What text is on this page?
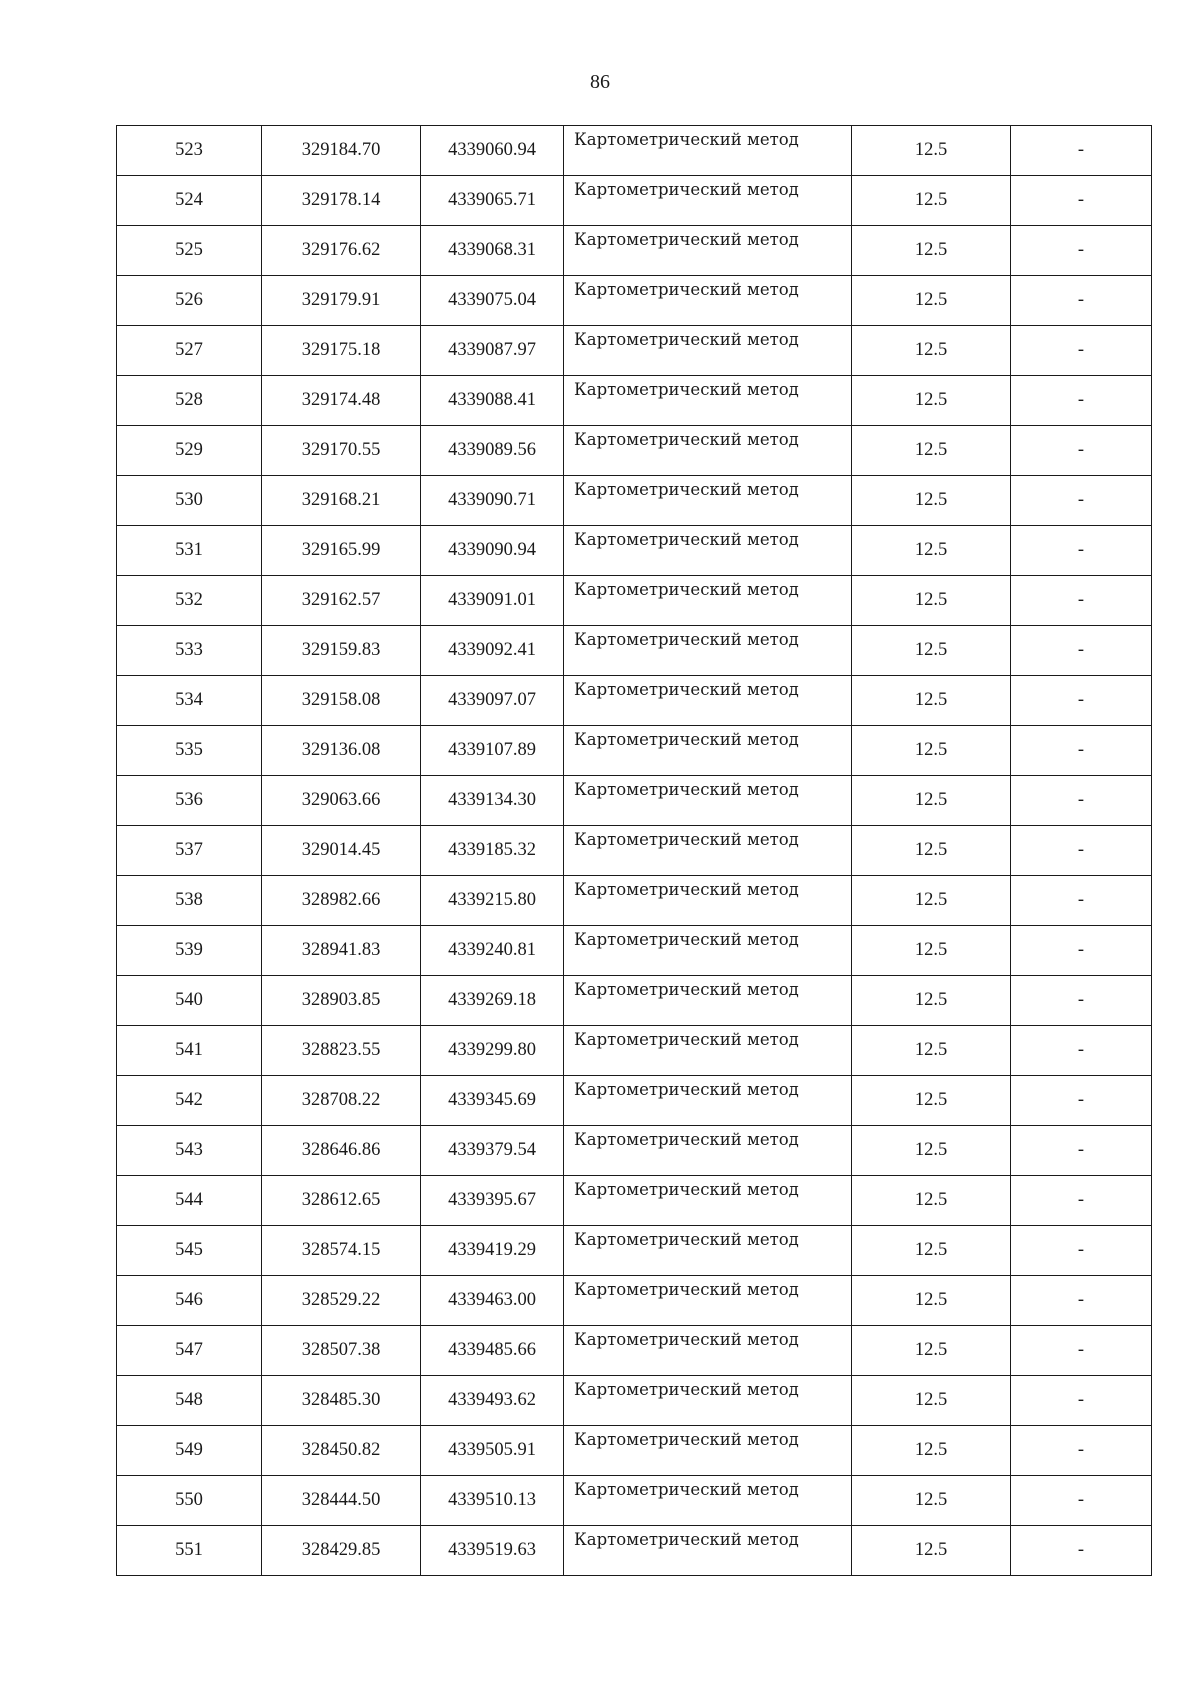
86
523	329184.70	4339060.94	Картометрический метод	12.5	-
524	329178.14	4339065.71	Картометрический метод	12.5	-
525	329176.62	4339068.31	Картометрический метод	12.5	-
526	329179.91	4339075.04	Картометрический метод	12.5	-
527	329175.18	4339087.97	Картометрический метод	12.5	-
528	329174.48	4339088.41	Картометрический метод	12.5	-
529	329170.55	4339089.56	Картометрический метод	12.5	-
530	329168.21	4339090.71	Картометрический метод	12.5	-
531	329165.99	4339090.94	Картометрический метод	12.5	-
532	329162.57	4339091.01	Картометрический метод	12.5	-
533	329159.83	4339092.41	Картометрический метод	12.5	-
534	329158.08	4339097.07	Картометрический метод	12.5	-
535	329136.08	4339107.89	Картометрический метод	12.5	-
536	329063.66	4339134.30	Картометрический метод	12.5	-
537	329014.45	4339185.32	Картометрический метод	12.5	-
538	328982.66	4339215.80	Картометрический метод	12.5	-
539	328941.83	4339240.81	Картометрический метод	12.5	-
540	328903.85	4339269.18	Картометрический метод	12.5	-
541	328823.55	4339299.80	Картометрический метод	12.5	-
542	328708.22	4339345.69	Картометрический метод	12.5	-
543	328646.86	4339379.54	Картометрический метод	12.5	-
544	328612.65	4339395.67	Картометрический метод	12.5	-
545	328574.15	4339419.29	Картометрический метод	12.5	-
546	328529.22	4339463.00	Картометрический метод	12.5	-
547	328507.38	4339485.66	Картометрический метод	12.5	-
548	328485.30	4339493.62	Картометрический метод	12.5	-
549	328450.82	4339505.91	Картометрический метод	12.5	-
550	328444.50	4339510.13	Картометрический метод	12.5	-
551	328429.85	4339519.63	Картометрический метод	12.5	-
